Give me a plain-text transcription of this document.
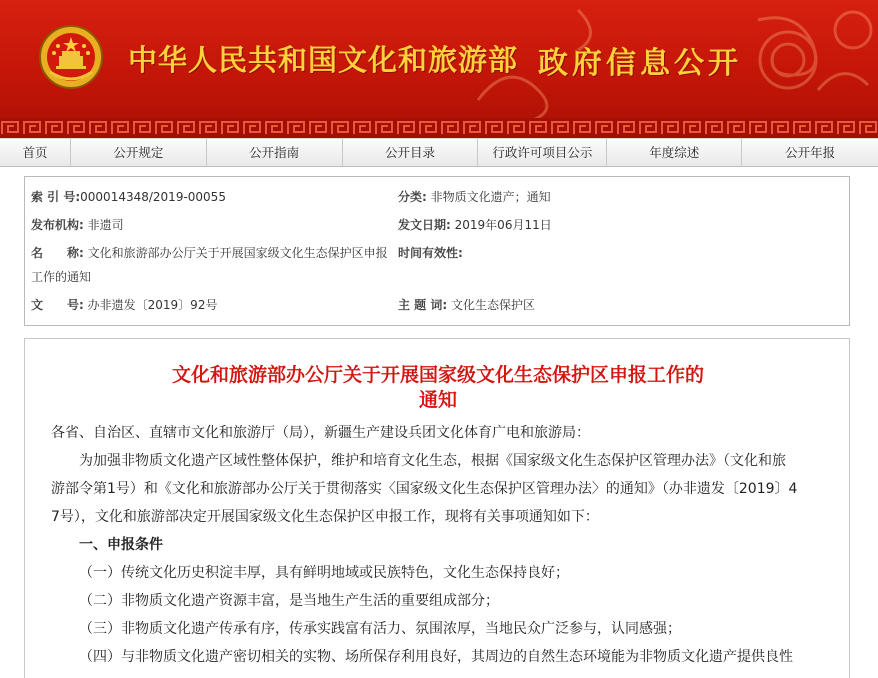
中华人民共和国文化和旅游部 政府信息公开
首页	公开规定	公开指南	公开目录	行政许可项目公示	年度综述	公开年报
索 引 号:000014348/2019-00055	分类: 非物质文化遗产；通知
发布机构: 非遗司	发文日期: 2019年06月11日
名　　称: 文化和旅游部办公厅关于开展国家级文化生态保护区申报
工作的通知
时间有效性:
文　　号: 办非遗发〔2019〕92号	主 题 词: 文化生态保护区
文化和旅游部办公厅关于开展国家级文化生态保护区申报工作的
通知
各省、自治区、直辖市文化和旅游厅（局），新疆生产建设兵团文化体育广电和旅游局：
为加强非物质文化遗产区域性整体保护，维护和培育文化生态，根据《国家级文化生态保护区管理办法》（文化和旅
游部令第1号）和《文化和旅游部办公厅关于贯彻落实〈国家级文化生态保护区管理办法〉的通知》（办非遗发〔2019〕4
7号），文化和旅游部决定开展国家级文化生态保护区申报工作，现将有关事项通知如下：
一、申报条件
（一）传统文化历史积淀丰厚，具有鲜明地域或民族特色，文化生态保持良好；
（二）非物质文化遗产资源丰富，是当地生产生活的重要组成部分；
（三）非物质文化遗产传承有序，传承实践富有活力、氛围浓厚，当地民众广泛参与，认同感强；
（四）与非物质文化遗产密切相关的实物、场所保存利用良好，其周边的自然生态环境能为非物质文化遗产提供良性
